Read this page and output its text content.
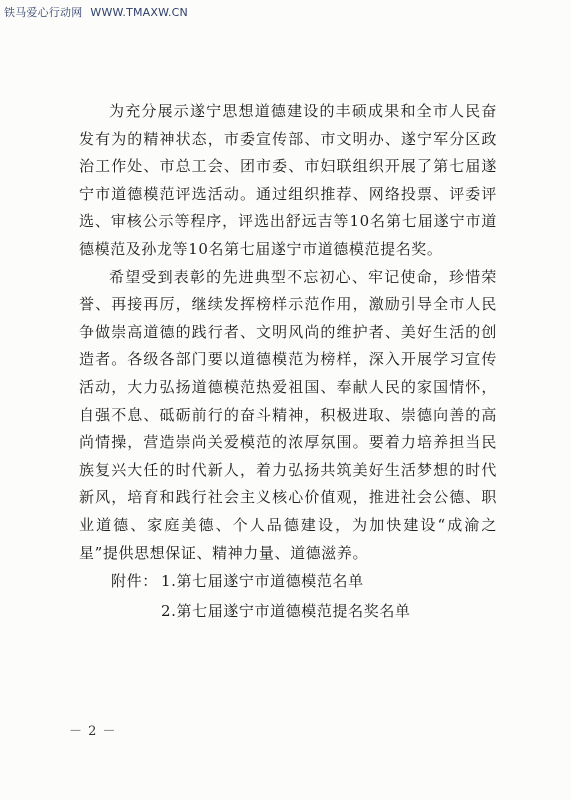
铁马爱心行动网 WWW.TMAXW.CN

为充分展示遂宁思想道德建设的丰硕成果和全市人民奋发有为的精神状态，市委宣传部、市文明办、遂宁军分区政治工作处、市总工会、团市委、市妇联组织开展了第七届遂宁市道德模范评选活动。通过组织推荐、网络投票、评委评选、审核公示等程序，评选出舒远吉等10名第七届遂宁市道德模范及孙龙等10名第七届遂宁市道德模范提名奖。

希望受到表彰的先进典型不忘初心、牢记使命，珍惜荣誉、再接再厉，继续发挥榜样示范作用，激励引导全市人民争做崇高道德的践行者、文明风尚的维护者、美好生活的创造者。各级各部门要以道德模范为榜样，深入开展学习宣传活动，大力弘扬道德模范热爱祖国、奉献人民的家国情怀，自强不息、砥砺前行的奋斗精神，积极进取、崇德向善的高尚情操，营造崇尚关爱模范的浓厚氛围。要着力培养担当民族复兴大任的时代新人，着力弘扬共筑美好生活梦想的时代新风，培育和践行社会主义核心价值观，推进社会公德、职业道德、家庭美德、个人品德建设，为加快建设“成渝之星”提供思想保证、精神力量、道德滋养。

附件： 1.第七届遂宁市道德模范名单
2.第七届遂宁市道德模范提名奖名单
－ 2 －
